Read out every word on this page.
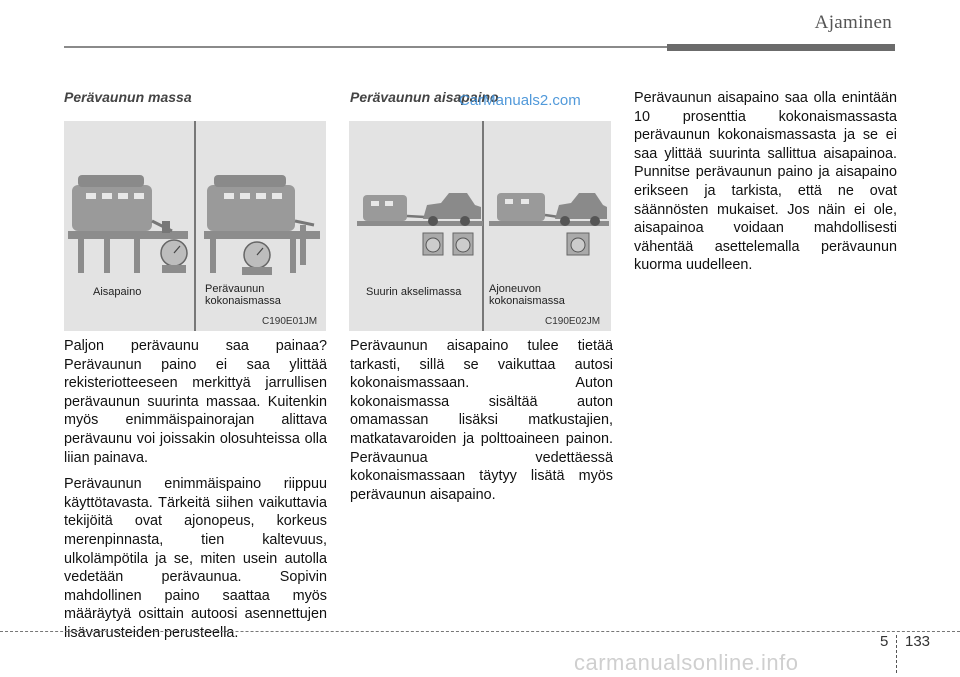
Ajaminen
Perävaunun massa
Aisapaino	Perävaunun
kokonaismassa
C190E01JM

Paljon perävaunu saa painaa? Perävaunun paino ei saa ylittää rekisteriotteeseen merkittyä jarrullisen perävaunun suurinta massaa. Kuitenkin myös enimmäispainorajan alittava perävaunu voi joissakin olosuhteissa olla liian painava.

Perävaunun enimmäispaino riippuu käyttötavasta. Tärkeitä siihen vaikuttavia tekijöitä ovat ajonopeus, korkeus merenpinnasta, tien kaltevuus, ulkolämpötila ja se, miten usein autolla vedetään perävaunua. Sopivin mahdollinen paino saattaa myös määräytyä osittain autoosi asennettujen lisävarusteiden perusteella.

Perävaunun aisapaino
CarManuals2.com
Suurin akselimassa	Ajoneuvon
kokonaismassa
C190E02JM

Perävaunun aisapaino tulee tietää tarkasti, sillä se vaikuttaa autosi kokonaismassaan. Auton kokonaismassa sisältää auton omamassan lisäksi matkustajien, matkatavaroiden ja polttoaineen painon. Perävaunua vedettäessä kokonaismassaan täytyy lisätä myös perävaunun aisapaino.

Perävaunun aisapaino saa olla enintään 10 prosenttia kokonaismassasta perävaunun kokonaismassasta ja se ei saa ylittää suurinta sallittua aisapainoa. Punnitse perävaunun paino ja aisapaino erikseen ja tarkista, että ne ovat säännösten mukaiset. Jos näin ei ole, aisapainoa voidaan mahdollisesti vähentää asettelemalla perävaunun kuorma uudelleen.

5 133
carmanualsonline.info
